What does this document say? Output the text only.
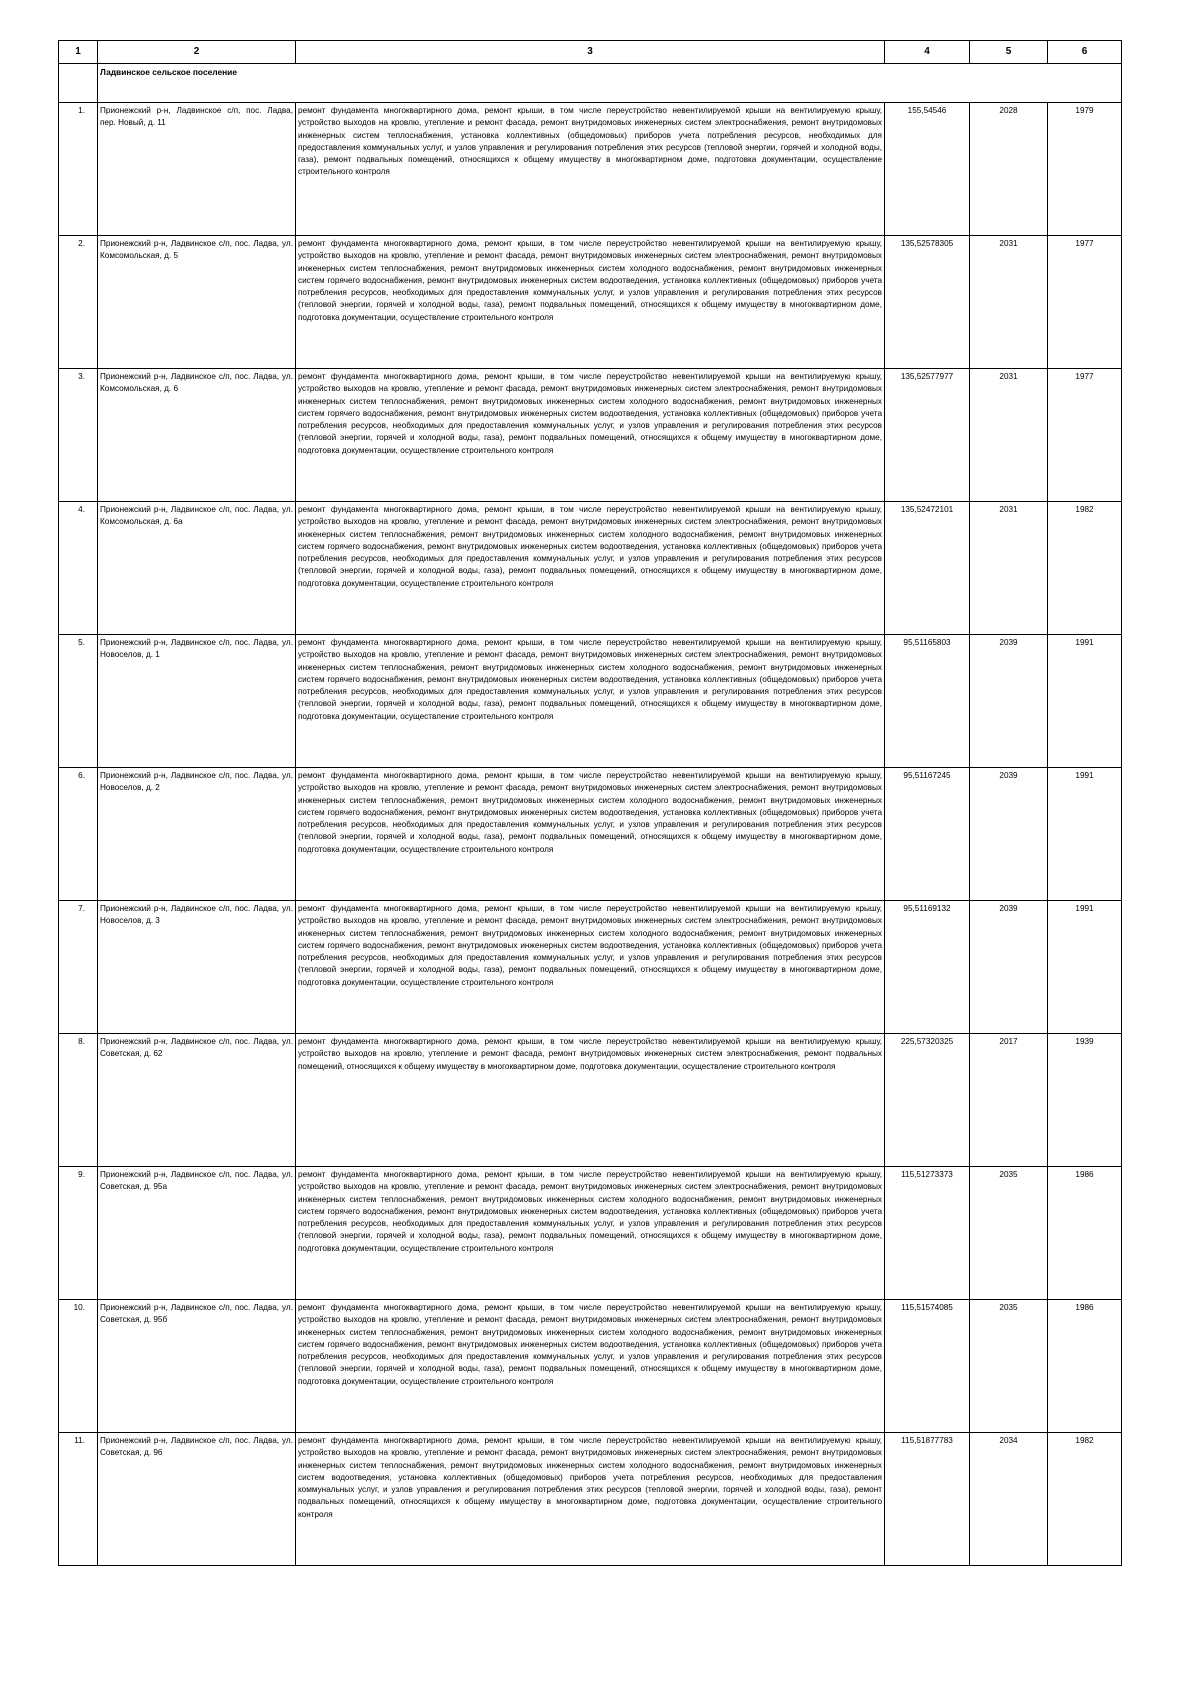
1	2	3	4	5	6
	Ладвинское сельское поселение				
1.	Прионежский р-н, Ладвинское с/п, пос. Ладва, пер. Новый, д. 11	ремонт фундамента многоквартирного дома, ремонт крыши, в том числе переустройство невентилируемой крыши на вентилируемую крышу, устройство выходов на кровлю, утепление и ремонт фасада, ремонт внутридомовых инженерных систем электроснабжения, ремонт внутридомовых инженерных систем теплоснабжения, установка коллективных (общедомовых) приборов учета потребления ресурсов, необходимых для предоставления коммунальных услуг, и узлов управления и регулирования потребления этих ресурсов (тепловой энергии, горячей и холодной воды, газа), ремонт подвальных помещений, относящихся к общему имуществу в многоквартирном доме, подготовка документации, осуществление строительного контроля	155,54546	2028	1979
2.	Прионежский р-н, Ладвинское с/п, пос. Ладва, ул. Комсомольская, д. 5	ремонт фундамента многоквартирного дома, ремонт крыши, в том числе переустройство невентилируемой крыши на вентилируемую крышу, устройство выходов на кровлю, утепление и ремонт фасада, ремонт внутридомовых инженерных систем электроснабжения, ремонт внутридомовых инженерных систем теплоснабжения, ремонт внутридомовых инженерных систем холодного водоснабжения, ремонт внутридомовых инженерных систем горячего водоснабжения, ремонт внутридомовых инженерных систем водоотведения, установка коллективных (общедомовых) приборов учета потребления ресурсов, необходимых для предоставления коммунальных услуг, и узлов управления и регулирования потребления этих ресурсов (тепловой энергии, горячей и холодной воды, газа), ремонт подвальных помещений, относящихся к общему имуществу в многоквартирном доме, подготовка документации, осуществление строительного контроля	135,52578305	2031	1977
3.	Прионежский р-н, Ладвинское с/п, пос. Ладва, ул. Комсомольская, д. 6	ремонт фундамента многоквартирного дома, ремонт крыши, в том числе переустройство невентилируемой крыши на вентилируемую крышу, устройство выходов на кровлю, утепление и ремонт фасада, ремонт внутридомовых инженерных систем электроснабжения, ремонт внутридомовых инженерных систем теплоснабжения, ремонт внутридомовых инженерных систем холодного водоснабжения, ремонт внутридомовых инженерных систем горячего водоснабжения, ремонт внутридомовых инженерных систем водоотведения, установка коллективных (общедомовых) приборов учета потребления ресурсов, необходимых для предоставления коммунальных услуг, и узлов управления и регулирования потребления этих ресурсов (тепловой энергии, горячей и холодной воды, газа), ремонт подвальных помещений, относящихся к общему имуществу в многоквартирном доме, подготовка документации, осуществление строительного контроля	135,52577977	2031	1977
4.	Прионежский р-н, Ладвинское с/п, пос. Ладва, ул. Комсомольская, д. 6а	ремонт фундамента многоквартирного дома, ремонт крыши, в том числе переустройство невентилируемой крыши на вентилируемую крышу, устройство выходов на кровлю, утепление и ремонт фасада, ремонт внутридомовых инженерных систем электроснабжения, ремонт внутридомовых инженерных систем теплоснабжения, ремонт внутридомовых инженерных систем холодного водоснабжения, ремонт внутридомовых инженерных систем горячего водоснабжения, ремонт внутридомовых инженерных систем водоотведения, установка коллективных (общедомовых) приборов учета потребления ресурсов, необходимых для предоставления коммунальных услуг, и узлов управления и регулирования потребления этих ресурсов (тепловой энергии, горячей и холодной воды, газа), ремонт подвальных помещений, относящихся к общему имуществу в многоквартирном доме, подготовка документации, осуществление строительного контроля	135,52472101	2031	1982
5.	Прионежский р-н, Ладвинское с/п, пос. Ладва, ул. Новоселов, д. 1	ремонт фундамента многоквартирного дома, ремонт крыши, в том числе переустройство невентилируемой крыши на вентилируемую крышу, устройство выходов на кровлю, утепление и ремонт фасада, ремонт внутридомовых инженерных систем электроснабжения, ремонт внутридомовых инженерных систем теплоснабжения, ремонт внутридомовых инженерных систем холодного водоснабжения, ремонт внутридомовых инженерных систем горячего водоснабжения, ремонт внутридомовых инженерных систем водоотведения, установка коллективных (общедомовых) приборов учета потребления ресурсов, необходимых для предоставления коммунальных услуг, и узлов управления и регулирования потребления этих ресурсов (тепловой энергии, горячей и холодной воды, газа), ремонт подвальных помещений, относящихся к общему имуществу в многоквартирном доме, подготовка документации, осуществление строительного контроля	95,51165803	2039	1991
6.	Прионежский р-н, Ладвинское с/п, пос. Ладва, ул. Новоселов, д. 2	ремонт фундамента многоквартирного дома, ремонт крыши, в том числе переустройство невентилируемой крыши на вентилируемую крышу, устройство выходов на кровлю, утепление и ремонт фасада, ремонт внутридомовых инженерных систем электроснабжения, ремонт внутридомовых инженерных систем теплоснабжения, ремонт внутридомовых инженерных систем холодного водоснабжения, ремонт внутридомовых инженерных систем горячего водоснабжения, ремонт внутридомовых инженерных систем водоотведения, установка коллективных (общедомовых) приборов учета потребления ресурсов, необходимых для предоставления коммунальных услуг, и узлов управления и регулирования потребления этих ресурсов (тепловой энергии, горячей и холодной воды, газа), ремонт подвальных помещений, относящихся к общему имуществу в многоквартирном доме, подготовка документации, осуществление строительного контроля	95,51167245	2039	1991
7.	Прионежский р-н, Ладвинское с/п, пос. Ладва, ул. Новоселов, д. 3	ремонт фундамента многоквартирного дома, ремонт крыши, в том числе переустройство невентилируемой крыши на вентилируемую крышу, устройство выходов на кровлю, утепление и ремонт фасада, ремонт внутридомовых инженерных систем электроснабжения, ремонт внутридомовых инженерных систем теплоснабжения, ремонт внутридомовых инженерных систем холодного водоснабжения, ремонт внутридомовых инженерных систем горячего водоснабжения, ремонт внутридомовых инженерных систем водоотведения, установка коллективных (общедомовых) приборов учета потребления ресурсов, необходимых для предоставления коммунальных услуг, и узлов управления и регулирования потребления этих ресурсов (тепловой энергии, горячей и холодной воды, газа), ремонт подвальных помещений, относящихся к общему имуществу в многоквартирном доме, подготовка документации, осуществление строительного контроля	95,51169132	2039	1991
8.	Прионежский р-н, Ладвинское с/п, пос. Ладва, ул. Советская, д. 62	ремонт фундамента многоквартирного дома, ремонт крыши, в том числе переустройство невентилируемой крыши на вентилируемую крышу, устройство выходов на кровлю, утепление и ремонт фасада, ремонт внутридомовых инженерных систем электроснабжения, ремонт подвальных помещений, относящихся к общему имуществу в многоквартирном доме, подготовка документации, осуществление строительного контроля	225,57320325	2017	1939
9.	Прионежский р-н, Ладвинское с/п, пос. Ладва, ул. Советская, д. 95а	ремонт фундамента многоквартирного дома, ремонт крыши, в том числе переустройство невентилируемой крыши на вентилируемую крышу, устройство выходов на кровлю, утепление и ремонт фасада, ремонт внутридомовых инженерных систем электроснабжения, ремонт внутридомовых инженерных систем теплоснабжения, ремонт внутридомовых инженерных систем холодного водоснабжения, ремонт внутридомовых инженерных систем горячего водоснабжения, ремонт внутридомовых инженерных систем водоотведения, установка коллективных (общедомовых) приборов учета потребления ресурсов, необходимых для предоставления коммунальных услуг, и узлов управления и регулирования потребления этих ресурсов (тепловой энергии, горячей и холодной воды, газа), ремонт подвальных помещений, относящихся к общему имуществу в многоквартирном доме, подготовка документации, осуществление строительного контроля	115,51273373	2035	1986
10.	Прионежский р-н, Ладвинское с/п, пос. Ладва, ул. Советская, д. 95б	ремонт фундамента многоквартирного дома, ремонт крыши, в том числе переустройство невентилируемой крыши на вентилируемую крышу, устройство выходов на кровлю, утепление и ремонт фасада, ремонт внутридомовых инженерных систем электроснабжения, ремонт внутридомовых инженерных систем теплоснабжения, ремонт внутридомовых инженерных систем холодного водоснабжения, ремонт внутридомовых инженерных систем горячего водоснабжения, ремонт внутридомовых инженерных систем водоотведения, установка коллективных (общедомовых) приборов учета потребления ресурсов, необходимых для предоставления коммунальных услуг, и узлов управления и регулирования потребления этих ресурсов (тепловой энергии, горячей и холодной воды, газа), ремонт подвальных помещений, относящихся к общему имуществу в многоквартирном доме, подготовка документации, осуществление строительного контроля	115,51574085	2035	1986
11.	Прионежский р-н, Ладвинское с/п, пос. Ладва, ул. Советская, д. 96	ремонт фундамента многоквартирного дома, ремонт крыши, в том числе переустройство невентилируемой крыши на вентилируемую крышу, устройство выходов на кровлю, утепление и ремонт фасада, ремонт внутридомовых инженерных систем электроснабжения, ремонт внутридомовых инженерных систем теплоснабжения, ремонт внутридомовых инженерных систем холодного водоснабжения, ремонт внутридомовых инженерных систем водоотведения, установка коллективных (общедомовых) приборов учета потребления ресурсов, необходимых для предоставления коммунальных услуг, и узлов управления и регулирования потребления этих ресурсов (тепловой энергии, горячей и холодной воды, газа), ремонт подвальных помещений, относящихся к общему имуществу в многоквартирном доме, подготовка документации, осуществление строительного контроля	115,51877783	2034	1982
